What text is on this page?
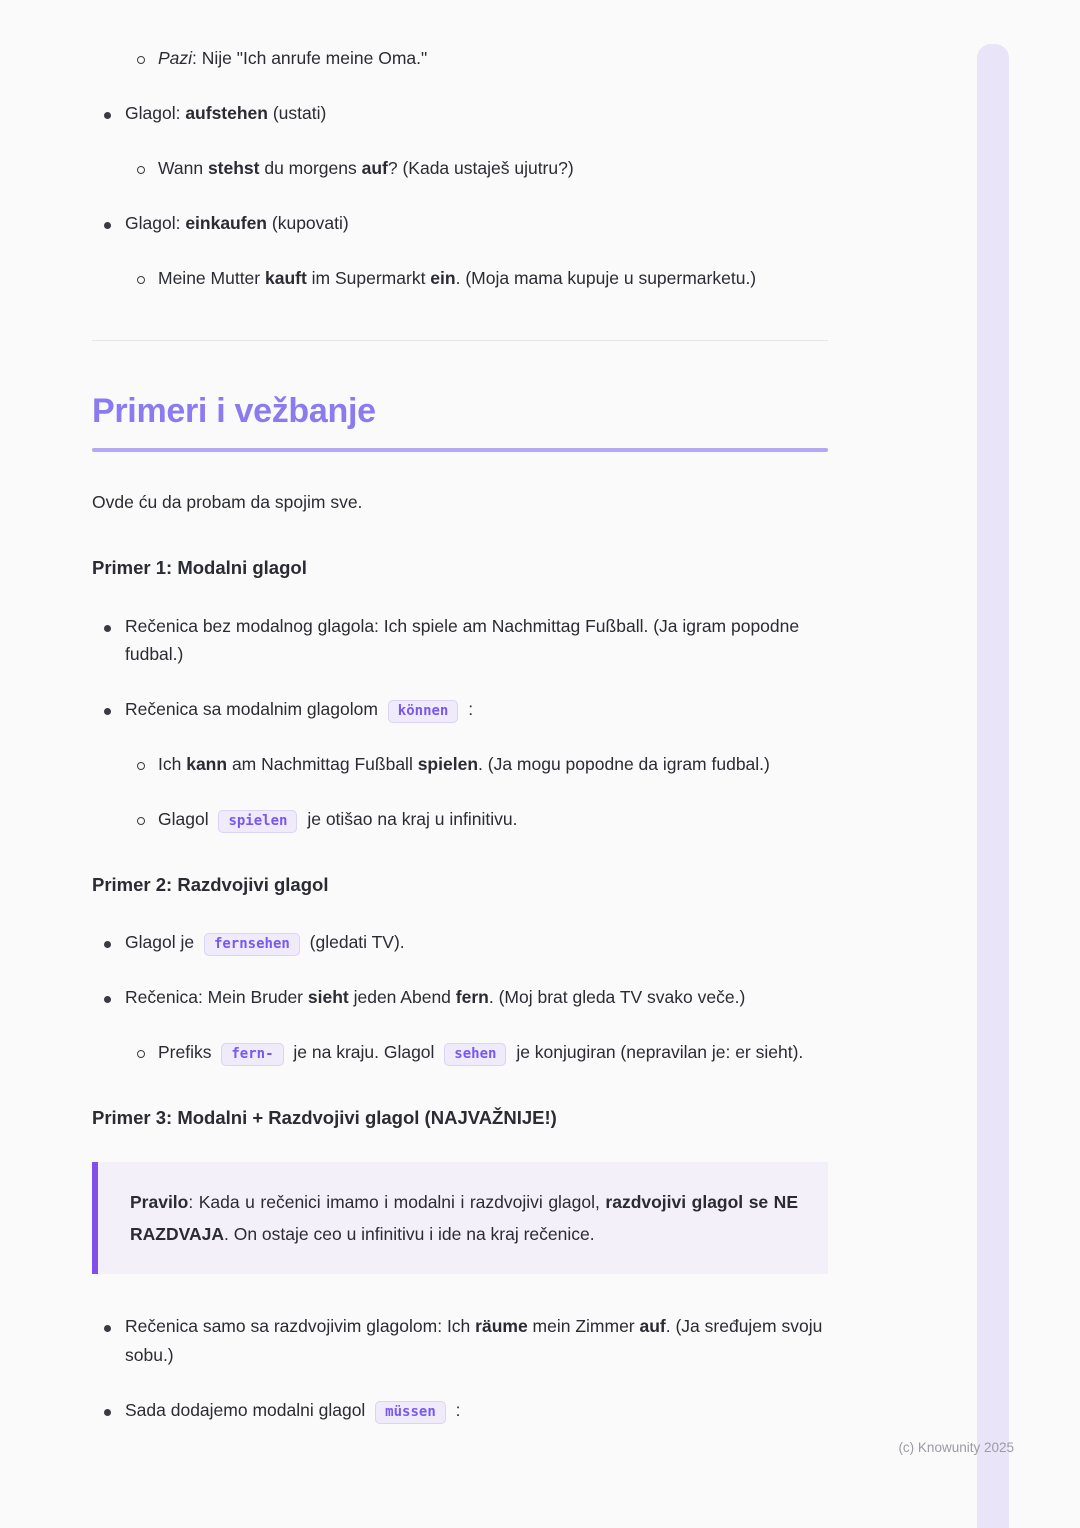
Pazi: Nije "Ich anrufe meine Oma."
Glagol: aufstehen (ustati)
Wann stehst du morgens auf? (Kada ustaješ ujutru?)
Glagol: einkaufen (kupovati)
Meine Mutter kauft im Supermarkt ein. (Moja mama kupuje u supermarketu.)
Primeri i vežbanje
Ovde ću da probam da spojim sve.
Primer 1: Modalni glagol
Rečenica bez modalnog glagola: Ich spiele am Nachmittag Fußball. (Ja igram popodne fudbal.)
Rečenica sa modalnim glagolom können :
Ich kann am Nachmittag Fußball spielen. (Ja mogu popodne da igram fudbal.)
Glagol spielen je otišao na kraj u infinitivu.
Primer 2: Razdvojivi glagol
Glagol je fernsehen (gledati TV).
Rečenica: Mein Bruder sieht jeden Abend fern. (Moj brat gleda TV svako veče.)
Prefiks fern- je na kraju. Glagol sehen je konjugiran (nepravilan je: er sieht).
Primer 3: Modalni + Razdvojivi glagol (NAJVAŽNIJE!)
Pravilo: Kada u rečenici imamo i modalni i razdvojivi glagol, razdvojivi glagol se NE RAZDVAJA. On ostaje ceo u infinitivu i ide na kraj rečenice.
Rečenica samo sa razdvojivim glagolom: Ich räume mein Zimmer auf. (Ja sređujem svoju sobu.)
Sada dodajemo modalni glagol müssen :
(c) Knowunity 2025
